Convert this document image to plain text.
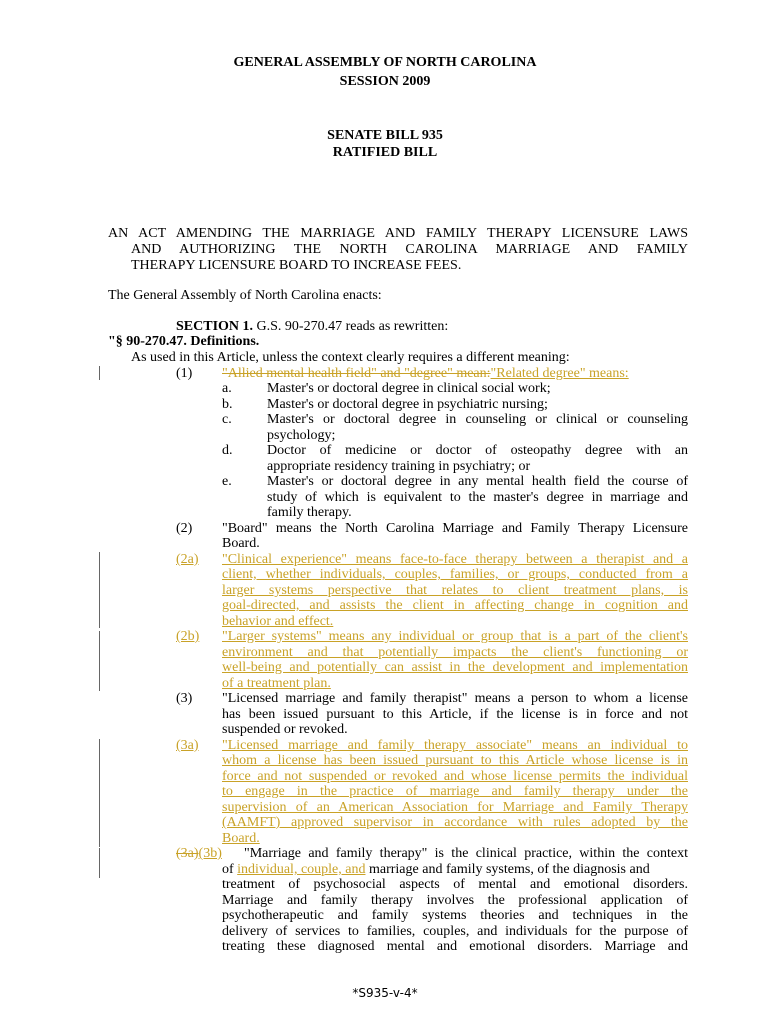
GENERAL ASSEMBLY OF NORTH CAROLINA
SESSION 2009
SENATE BILL 935
RATIFIED BILL
AN ACT AMENDING THE MARRIAGE AND FAMILY THERAPY LICENSURE LAWS
AND AUTHORIZING THE NORTH CAROLINA MARRIAGE AND FAMILY
THERAPY LICENSURE BOARD TO INCREASE FEES.
The General Assembly of North Carolina enacts:
SECTION 1. G.S. 90-270.47 reads as rewritten:
"§ 90-270.47. Definitions.
As used in this Article, unless the context clearly requires a different meaning:
(1) "Allied mental health field" and "degree" mean:"Related degree" means:
a.	Master's or doctoral degree in clinical social work;
b. Master's or doctoral degree in psychiatric nursing;
c.	Master's or doctoral degree in counseling or clinical or counseling
psychology;
d. Doctor of medicine or doctor of osteopathy degree with an
appropriate residency training in psychiatry; or
e.	Master's or doctoral degree in any mental health field the course of
study of which is equivalent to the master's degree in marriage and
family therapy.
(2) "Board" means the North Carolina Marriage and Family Therapy Licensure
Board.
(2a) "Clinical experience" means face-to-face therapy between a therapist and a
client, whether individuals, couples, families, or groups, conducted from a
larger systems perspective that relates to client treatment plans, is
goal-directed, and assists the client in affecting change in cognition and
behavior and effect.
(2b) "Larger systems" means any individual or group that is a part of the client's
environment and that potentially impacts the client's functioning or
well-being and potentially can assist in the development and implementation
of a treatment plan.
(3) "Licensed marriage and family therapist" means a person to whom a license
has been issued pursuant to this Article, if the license is in force and not
suspended or revoked.
(3a) "Licensed marriage and family therapy associate" means an individual to
whom a license has been issued pursuant to this Article whose license is in
force and not suspended or revoked and whose license permits the individual
to engage in the practice of marriage and family therapy under the
supervision of an American Association for Marriage and Family Therapy
(AAMFT) approved supervisor in accordance with rules adopted by the
Board.
(3a)(3b) "Marriage and family therapy" is the clinical practice, within the context
of individual, couple, and marriage and family systems, of the diagnosis and
treatment of psychosocial aspects of mental and emotional disorders.
Marriage and family therapy involves the professional application of
psychotherapeutic and family systems theories and techniques in the
delivery of services to families, couples, and individuals for the purpose of
treating these diagnosed mental and emotional disorders. Marriage and
*S935-v-4*
